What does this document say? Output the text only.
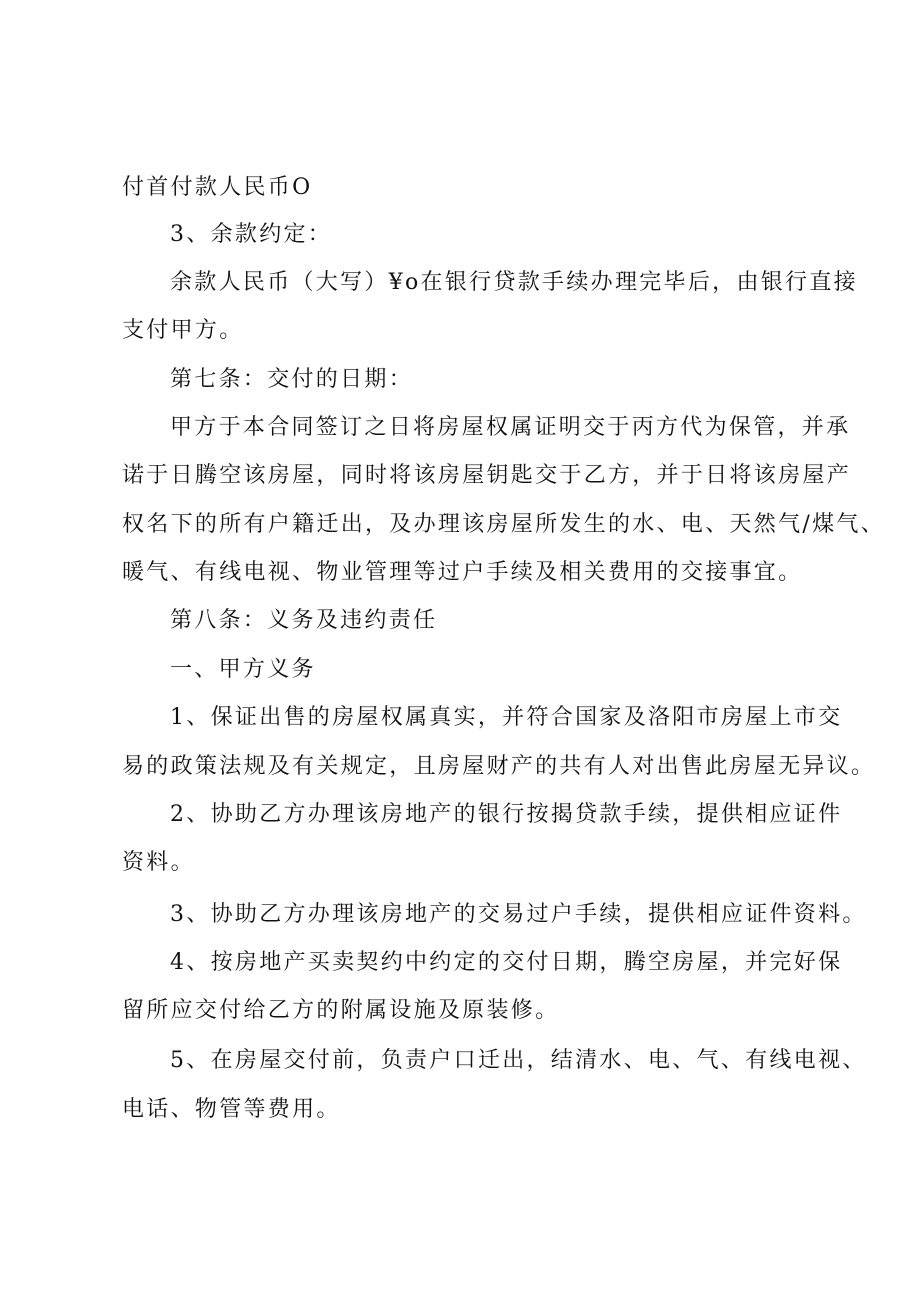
付首付款人民币O
3、余款约定：
余款人民币（大写）¥o在银行贷款手续办理完毕后，由银行直接
支付甲方。
第七条：交付的日期：
甲方于本合同签订之日将房屋权属证明交于丙方代为保管，并承
诺于日腾空该房屋，同时将该房屋钥匙交于乙方，并于日将该房屋产
权名下的所有户籍迁出，及办理该房屋所发生的水、电、天然气/煤气、
暖气、有线电视、物业管理等过户手续及相关费用的交接事宜。
第八条：义务及违约责任
一、甲方义务
1、保证出售的房屋权属真实，并符合国家及洛阳市房屋上市交
易的政策法规及有关规定，且房屋财产的共有人对出售此房屋无异议。
2、协助乙方办理该房地产的银行按揭贷款手续，提供相应证件
资料。
3、协助乙方办理该房地产的交易过户手续，提供相应证件资料。
4、按房地产买卖契约中约定的交付日期，腾空房屋，并完好保
留所应交付给乙方的附属设施及原装修。
5、在房屋交付前，负责户口迁出，结清水、电、气、有线电视、
电话、物管等费用。
